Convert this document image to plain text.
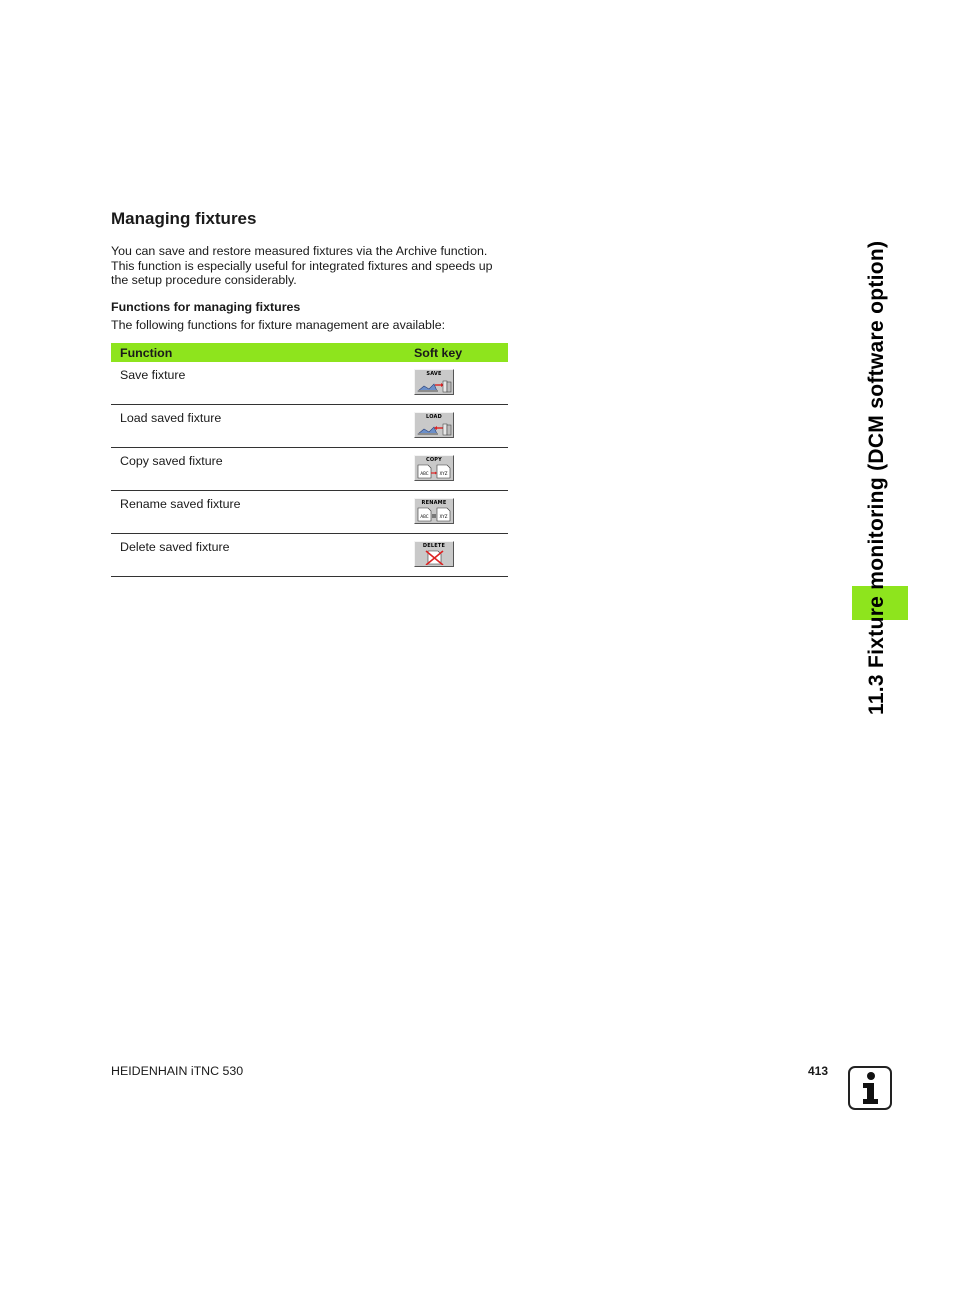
Managing fixtures

You can save and restore measured fixtures via the Archive function.
This function is especially useful for integrated fixtures and speeds up
the setup procedure considerably.

Functions for managing fixtures

The following functions for fixture management are available:

Function	Soft key
Save fixture	SAVE

Load saved fixture	LOAD

Copy saved fixture	COPY
ABC XYZ

Rename saved fixture	RENAME
ABC XYZ

Delete saved fixture	DELETE	11.3 Fixture monitoring (DCM software option)
HEIDENHAIN iTNC 530	413
